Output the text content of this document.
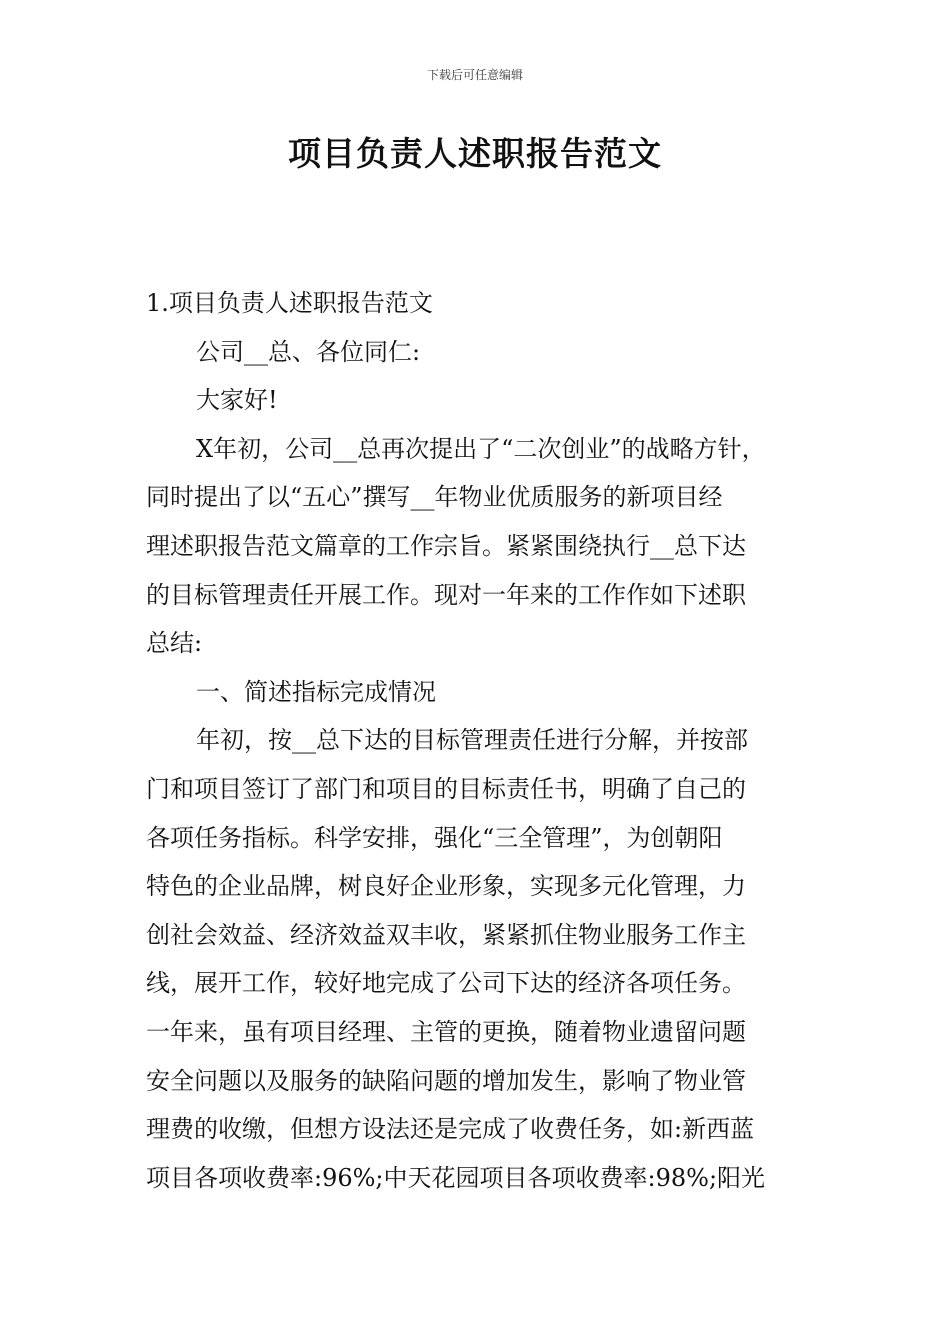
下载后可任意编辑
项目负责人述职报告范文
1.项目负责人述职报告范文
公司__总、各位同仁:
大家好!
X年初，公司__总再次提出了“二次创业”的战略方针，
同时提出了以“五心”撰写__年物业优质服务的新项目经
理述职报告范文篇章的工作宗旨。紧紧围绕执行__总下达
的目标管理责任开展工作。现对一年来的工作作如下述职
总结:
一、简述指标完成情况
年初，按__总下达的目标管理责任进行分解，并按部
门和项目签订了部门和项目的目标责任书，明确了自己的
各项任务指标。科学安排，强化“三全管理”，为创朝阳
特色的企业品牌，树良好企业形象，实现多元化管理，力
创社会效益、经济效益双丰收，紧紧抓住物业服务工作主
线，展开工作，较好地完成了公司下达的经济各项任务。
一年来，虽有项目经理、主管的更换，随着物业遗留问题
安全问题以及服务的缺陷问题的增加发生，影响了物业管
理费的收缴，但想方设法还是完成了收费任务，如:新西蓝
项目各项收费率:96%;中天花园项目各项收费率:98%;阳光
